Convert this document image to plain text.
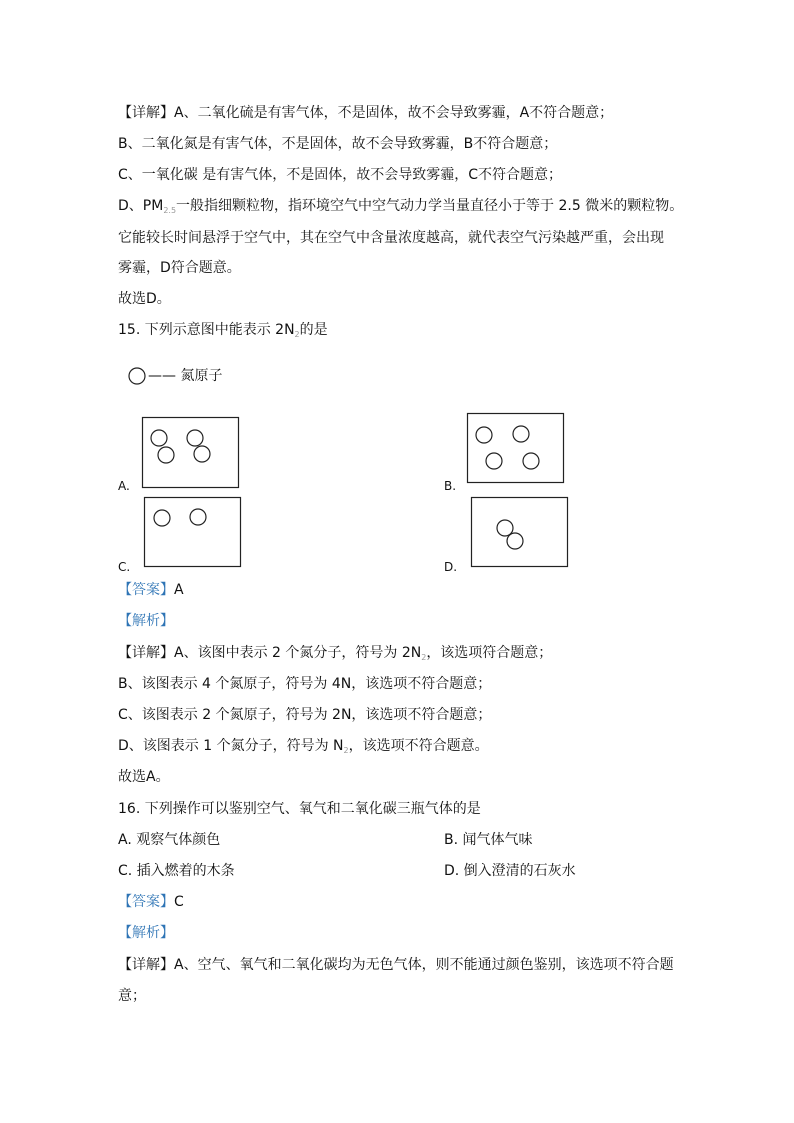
【详解】A、二氧化硫是有害气体，不是固体，故不会导致雾霾，A不符合题意；
B、二氧化氮是有害气体，不是固体，故不会导致雾霾，B不符合题意；
C、一氧化碳 是有害气体，不是固体，故不会导致雾霾，C不符合题意；
D、$PM_{2.5}$一般指细颗粒物，指环境空气中空气动力学当量直径小于等于 2.5 微米的颗粒物。
它能较长时间悬浮于空气中，其在空气中含量浓度越高，就代表空气污染越严重，会出现
雾霾，D符合题意。
故选D。
15. 下列示意图中能表示 $2N_2$的是
—— 氮原子
A.	B.
C.	D.
【答案】A
【解析】
【详解】A、该图中表示 2 个氮分子，符号为 $2N_2$，该选项符合题意；
B、该图表示 4 个氮原子，符号为 4N，该选项不符合题意；
C、该图表示 2 个氮原子，符号为 2N，该选项不符合题意；
D、该图表示 1 个氮分子，符号为 $N_2$，该选项不符合题意。
故选A。
16. 下列操作可以鉴别空气、氧气和二氧化碳三瓶气体的是
A. 观察气体颜色	B. 闻气体气味
C. 插入燃着的木条	D. 倒入澄清的石灰水
【答案】C
【解析】
【详解】A、空气、氧气和二氧化碳均为无色气体，则不能通过颜色鉴别，该选项不符合题
意；
